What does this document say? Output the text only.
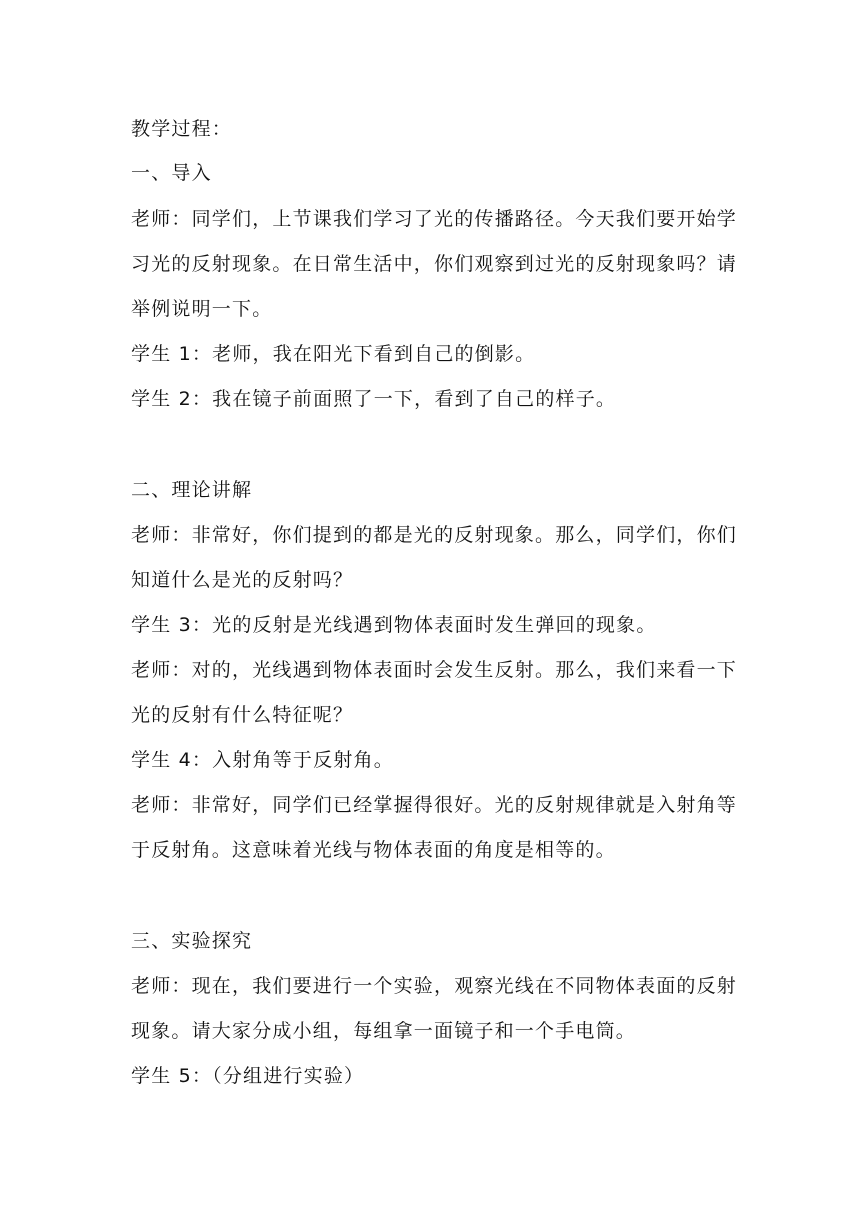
教学过程：
一、导入
老师：同学们，上节课我们学习了光的传播路径。今天我们要开始学
习光的反射现象。在日常生活中，你们观察到过光的反射现象吗？请
举例说明一下。
学生 1：老师，我在阳光下看到自己的倒影。
学生 2：我在镜子前面照了一下，看到了自己的样子。
二、理论讲解
老师：非常好，你们提到的都是光的反射现象。那么，同学们，你们
知道什么是光的反射吗？
学生 3：光的反射是光线遇到物体表面时发生弹回的现象。
老师：对的，光线遇到物体表面时会发生反射。那么，我们来看一下
光的反射有什么特征呢？
学生 4：入射角等于反射角。
老师：非常好，同学们已经掌握得很好。光的反射规律就是入射角等
于反射角。这意味着光线与物体表面的角度是相等的。
三、实验探究
老师：现在，我们要进行一个实验，观察光线在不同物体表面的反射
现象。请大家分成小组，每组拿一面镜子和一个手电筒。
学生 5：（分组进行实验）
